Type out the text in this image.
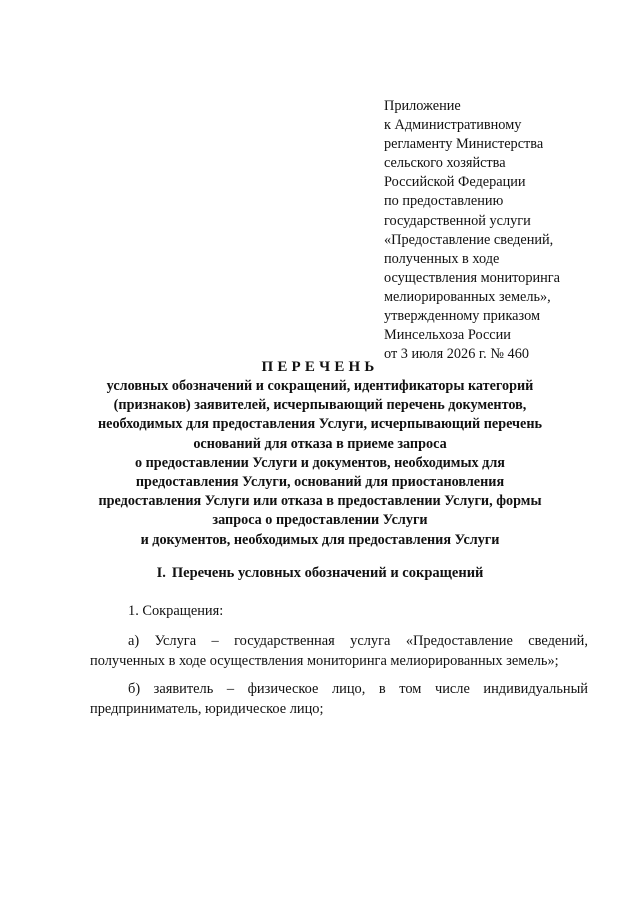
Приложение
к Административному
регламенту Министерства
сельского хозяйства
Российской Федерации
по предоставлению
государственной услуги
«Предоставление сведений,
полученных в ходе
осуществления мониторинга
мелиорированных земель»,
утвержденному приказом
Минсельхоза России
от 3 июля 2026 г. № 460
ПЕРЕЧЕНЬ
условных обозначений и сокращений, идентификаторы категорий
(признаков) заявителей, исчерпывающий перечень документов,
необходимых для предоставления Услуги, исчерпывающий перечень
оснований для отказа в приеме запроса
о предоставлении Услуги и документов, необходимых для
предоставления Услуги, оснований для приостановления
предоставления Услуги или отказа в предоставлении Услуги, формы
запроса о предоставлении Услуги
и документов, необходимых для предоставления Услуги
I. Перечень условных обозначений и сокращений
1. Сокращения:
а) Услуга – государственная услуга «Предоставление сведений,
полученных в ходе осуществления мониторинга мелиорированных земель»;
б) заявитель – физическое лицо, в том числе индивидуальный
предприниматель, юридическое лицо;
